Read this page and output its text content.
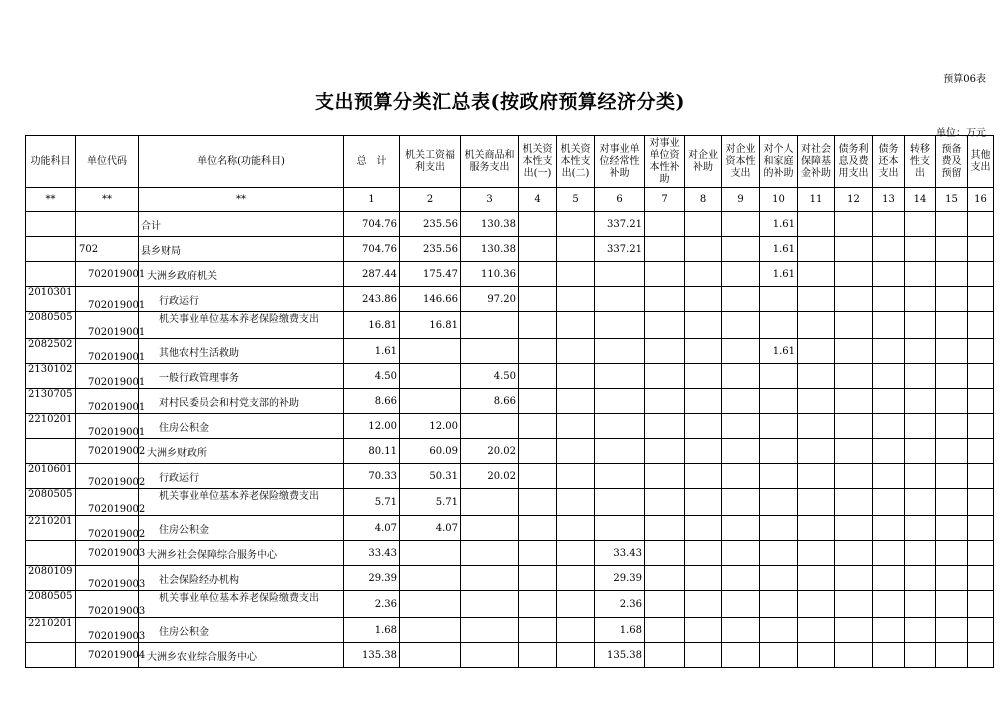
预算06表
支出预算分类汇总表(按政府预算经济分类)
单位：万元
功能科目	单位代码	单位名称(功能科目)	总　计	机关工资福利支出	机关商品和服务支出	机关资本性支出(一)	机关资本性支出(二)	对事业单位经常性补助	对事业单位资本性补助	对企业补助	对企业资本性支出	对个人和家庭的补助	对社会保障基金补助	债务利息及费用支出	债务还本支出	转移性支出	预备费及预留	其他支出
**	**	**	1	2	3	4	5	6	7	8	9	10	11	12	13	14	15	16
		合计	704.76	235.56	130.38			337.21				1.61						
	702	县乡财局	704.76	235.56	130.38			337.21				1.61						
	702019001	大洲乡政府机关	287.44	175.47	110.36							1.61						
2010301	702019001	行政运行	243.86	146.66	97.20													
2080505	702019001	机关事业单位基本养老保险缴费支出	16.81	16.81														
2082502	702019001	其他农村生活救助	1.61									1.61						
2130102	702019001	一般行政管理事务	4.50		4.50													
2130705	702019001	对村民委员会和村党支部的补助	8.66		8.66													
2210201	702019001	住房公积金	12.00	12.00														
	702019002	大洲乡财政所	80.11	60.09	20.02													
2010601	702019002	行政运行	70.33	50.31	20.02													
2080505	702019002	机关事业单位基本养老保险缴费支出	5.71	5.71														
2210201	702019002	住房公积金	4.07	4.07														
	702019003	大洲乡社会保障综合服务中心	33.43					33.43										
2080109	702019003	社会保险经办机构	29.39					29.39										
2080505	702019003	机关事业单位基本养老保险缴费支出	2.36					2.36										
2210201	702019003	住房公积金	1.68					1.68										
	702019004	大洲乡农业综合服务中心	135.38					135.38										
